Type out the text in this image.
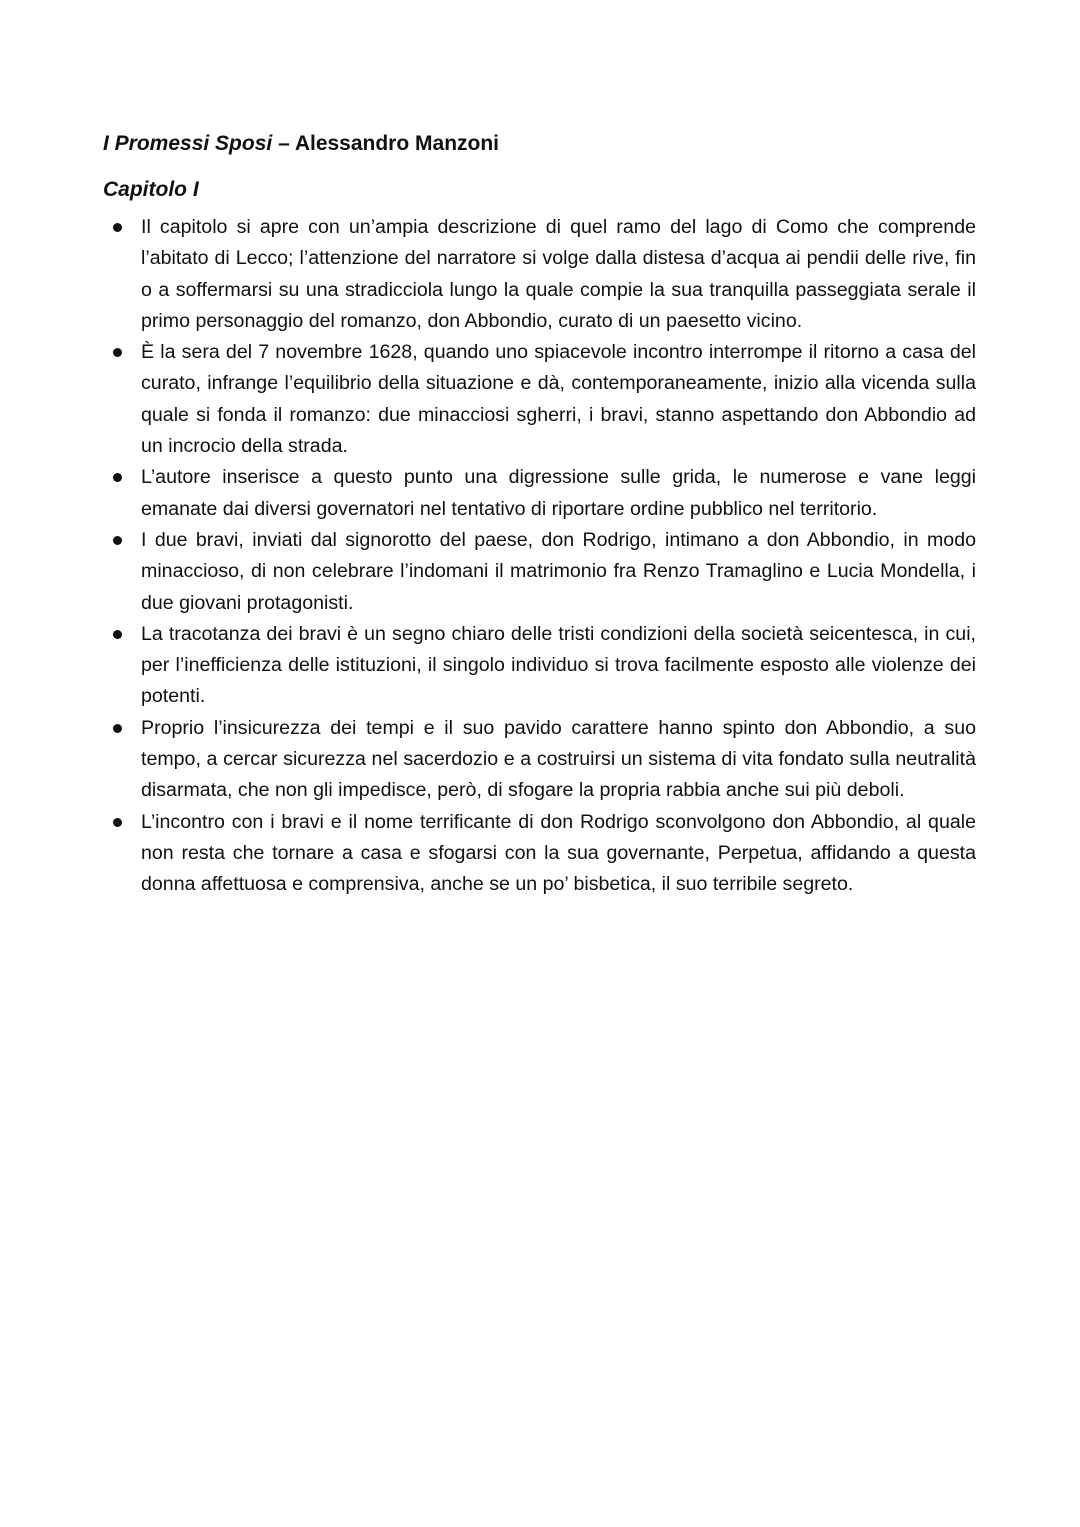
I Promessi Sposi – Alessandro Manzoni
Capitolo I
Il capitolo si apre con un’ampia descrizione di quel ramo del lago di Como che comprende l’abitato di Lecco; l’attenzione del narratore si volge dalla distesa d’acqua ai pendii delle rive, fin o a soffermarsi su una stradicciola lungo la quale compie la sua tranquilla passeggiata serale il primo personaggio del romanzo, don Abbondio, curato di un paesetto vicino.
È la sera del 7 novembre 1628, quando uno spiacevole incontro interrompe il ritorno a casa del curato, infrange l’equilibrio della situazione e dà, contemporaneamente, inizio alla vicenda sulla quale si fonda il romanzo: due minacciosi sgherri, i bravi, stanno aspettando don Abbondio ad un incrocio della strada.
L’autore inserisce a questo punto una digressione sulle grida, le numerose e vane leggi emanate dai diversi governatori nel tentativo di riportare ordine pubblico nel territorio.
I due bravi, inviati dal signorotto del paese, don Rodrigo, intimano a don Abbondio, in modo minaccioso, di non celebrare l’indomani il matrimonio fra Renzo Tramaglino e Lucia Mondella, i due giovani protagonisti.
La tracotanza dei bravi è un segno chiaro delle tristi condizioni della società seicentesca, in cui, per l’inefficienza delle istituzioni, il singolo individuo si trova facilmente esposto alle violenze dei potenti.
Proprio l’insicurezza dei tempi e il suo pavido carattere hanno spinto don Abbondio, a suo tempo, a cercar sicurezza nel sacerdozio e a costruirsi un sistema di vita fondato sulla neutralità disarmata, che non gli impedisce, però, di sfogare la propria rabbia anche sui più deboli.
L’incontro con i bravi e il nome terrificante di don Rodrigo sconvolgono don Abbondio, al quale non resta che tornare a casa e sfogarsi con la sua governante, Perpetua, affidando a questa donna affettuosa e comprensiva, anche se un po’ bisbetica, il suo terribile segreto.
